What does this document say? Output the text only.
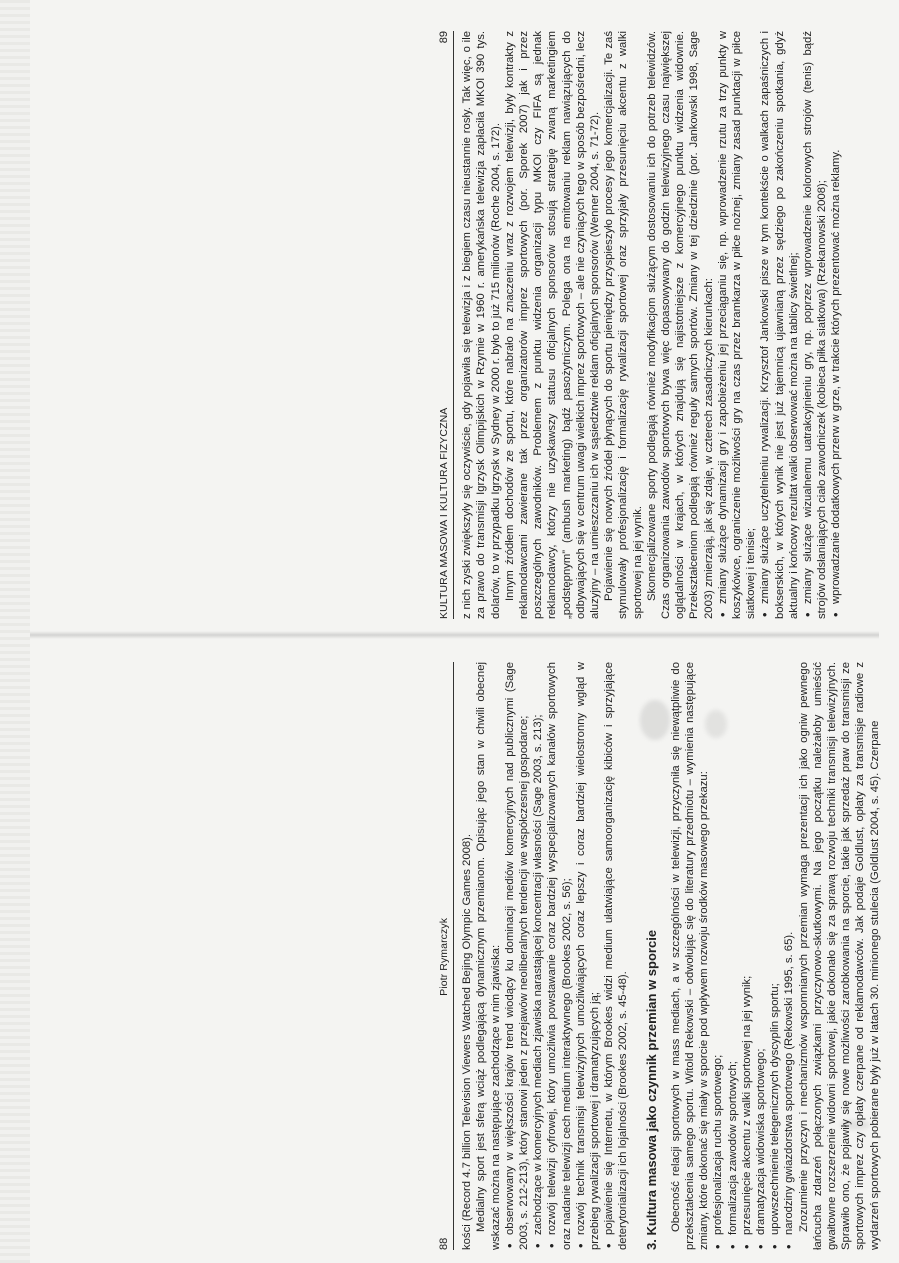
KULTURA MASOWA I KULTURA FIZYCZNA
89 z nich zyski zwiększyły się oczywiście, gdy pojawiła się telewizja i z biegiem czasu nieustannie rosły. Tak więc, o ile za prawo do transmisji Igrzysk Olimpijskich w Rzymie w 1960 r. amerykańska telewizja zapłaciła MKOl 390 tys. dolarów, to w przypadku Igrzysk w Sydney w 2000 r. było to już 715 milionów (Roche 2004, s. 172). Innym źródłem dochodów ze sportu, które nabrało na znaczeniu wraz z rozwojem telewizji, były kontrakty z reklamodawcami zawierane tak przez organizatorów imprez sportowych (por. Sporek 2007) jak i przez poszczególnych zawodników. Problemem z punktu widzenia organizacji typu MKOl czy FIFA są jednak reklamodawcy, którzy nie uzyskawszy statusu oficjalnych sponsorów stosują strategię zwaną marketingiem „podstępnym” (ambush marketing) bądź pasożytniczym. Polega ona na emitowaniu reklam nawiązujących do odbywających się w centrum uwagi wielkich imprez sportowych – ale nie czyniących tego w sposób bezpośredni, lecz aluzyjny – na umieszczaniu ich w sąsiedztwie reklam oficjalnych sponsorów (Wenner 2004, s. 71-72). Pojawienie się nowych źródeł płynących do sportu pieniędzy przyspieszyło procesy jego komercjalizacji. Te zaś stymulowały profesjonalizację i formalizację rywalizacji sportowej oraz sprzyjały przesunięciu akcentu z walki sportowej na jej wynik. Skomercjalizowane sporty podlegają również modyfikacjom służącym dostosowaniu ich do potrzeb telewidzów. Czas organizowania zawodów sportowych bywa więc dopasowywany do godzin telewizyjnego czasu największej oglądalności w krajach, w których znajdują się najistotniejsze z komercyjnego punktu widzenia widownie. Przekształceniom podlegają również reguły samych sportów. Zmiany w tej dziedzinie (por. Jankowski 1998, Sage 2003) zmierzają, jak się zdaje, w czterech zasadniczych kierunkach: • zmiany służące dynamizacji gry i zapobieżeniu jej przeciąganiu się, np. wprowadzenie rzutu za trzy punkty w koszykówce, ograniczenie możliwości gry na czas przez bramkarza w piłce nożnej, zmiany zasad punktacji w piłce siatkowej i tenisie; • zmiany służące uczytelnieniu rywalizacji. Krzysztof Jankowski pisze w tym kontekście o walkach zapaśniczych i bokserskich, w których wynik nie jest już tajemnicą ujawnianą przez sędziego po zakończeniu spotkania, gdyż aktualny i końcowy rezultat walki obserwować można na tablicy świetlnej; • zmiany służące wizualnemu uatrakcyjnieniu gry, np. poprzez wprowadzenie kolorowych strojów (tenis) bądź strojów odsłaniających ciało zawodniczek (kobieca piłka siatkowa) (Rzekanowski 2008); • wprowadzanie dodatkowych przerw w grze, w trakcie których prezentować można reklamy.
88
Piotr Rymarczyk kości (Record 4.7 billion Television Viewers Watched Bejing Olympic Games 2008). Medialny sport jest sferą wciąż podlegającą dynamicznym przemianom. Opisując jego stan w chwili obecnej wskazać można na następujące zachodzące w nim zjawiska: • obserwowany w większości krajów trend wiodący ku dominacji mediów komercyjnych nad publicznymi (Sage 2003, s. 212-213), który stanowi jeden z przejawów neoliberalnych tendencji we współczesnej gospodarce; • zachodzące w komercyjnych mediach zjawiska narastającej koncentracji własności (Sage 2003, s. 213); • rozwój telewizji cyfrowej, który umożliwia powstawanie coraz bardziej wyspecjalizowanych kanałów sportowych oraz nadanie telewizji cech medium interaktywnego (Brookes 2002, s. 56); • rozwój technik transmisji telewizyjnych umożliwiających coraz lepszy i coraz bardziej wielostronny wgląd w przebieg rywalizacji sportowej i dramatyzujących ją; • pojawienie się Internetu, w którym Brookes widzi medium ułatwiające samoorganizację kibiców i sprzyjające deterytorializacji ich lojalności (Brookes 2002, s. 45-48). 3. Kultura masowa jako czynnik przemian w sporcie Obecność relacji sportowych w mass mediach, a w szczególności w telewizji, przyczyniła się niewątpliwie do przekształcenia samego sportu. Witold Rekowski – odwołując się do literatury przedmiotu – wymienia następujące zmiany, które dokonać się miały w sporcie pod wpływem rozwoju środków masowego przekazu: • profesjonalizacja ruchu sportowego; • formalizacja zawodów sportowych; • przesunięcie akcentu z walki sportowej na jej wynik; • dramatyzacja widowiska sportowego; • upowszechnienie telegenicznych dyscyplin sportu; • narodziny gwiazdorstwa sportowego (Rekowski 1995, s. 65). Zrozumienie przyczyn i mechanizmów wspomnianych przemian wymaga prezentacji ich jako ogniw pewnego łańcucha zdarzeń połączonych związkami przyczynowo-skutkowymi. Na jego początku należałoby umieścić gwałtowne rozszerzenie widowni sportowej, jakie dokonało się za sprawą rozwoju techniki transmisji telewizyjnych. Sprawiło ono, że pojawiły się nowe możliwości zarobkowania na sporcie, takie jak sprzedaż praw do transmisji ze sportowych imprez czy opłaty czerpane od reklamodawców. Jak podaje Goldlust, opłaty za transmisje radiowe z wydarzeń sportowych pobierane były już w latach 30. minionego stulecia (Goldlust 2004, s. 45). Czerpane
